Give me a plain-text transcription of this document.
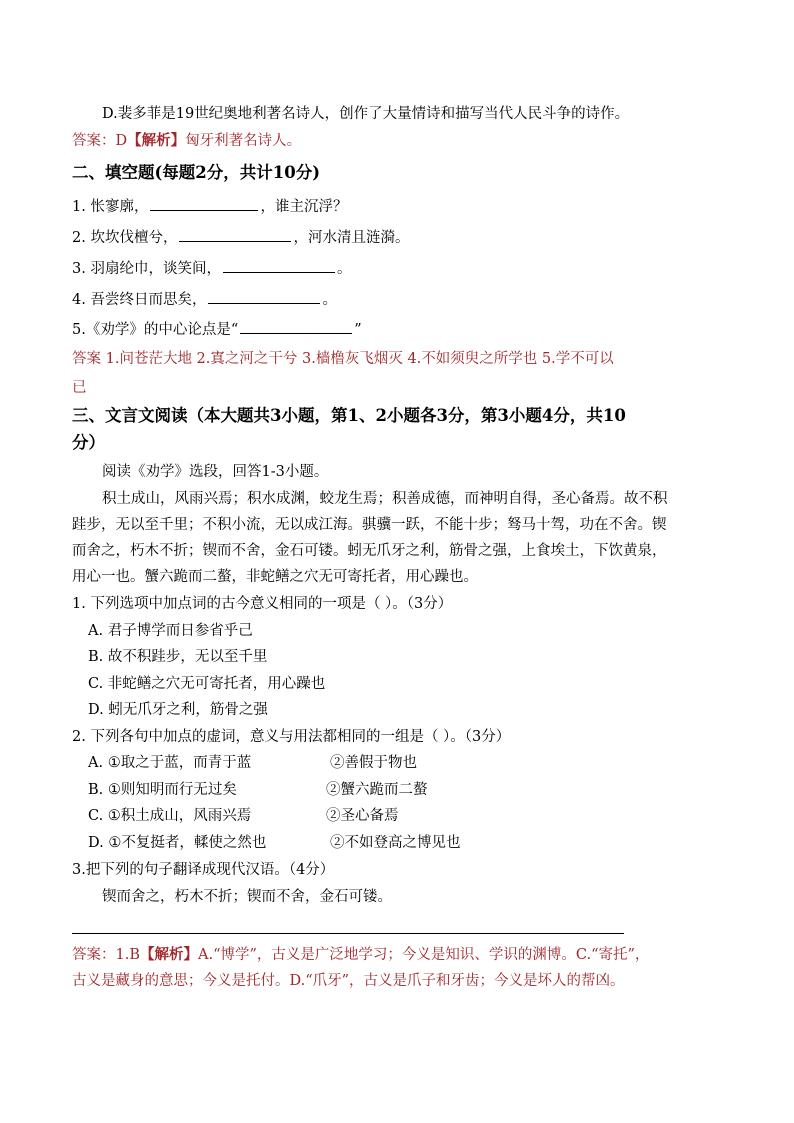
D.裴多菲是19世纪奥地利著名诗人，创作了大量情诗和描写当代人民斗争的诗作。
答案：D【解析】匈牙利著名诗人。
二、填空题(每题2分，共计10分)
1. 怅寥廓，	，谁主沉浮？
2. 坎坎伐檀兮，	，河水清且涟漪。
3. 羽扇纶巾，谈笑间，	。
4. 吾尝终日而思矣，	。
5.《劝学》的中心论点是“	”
答案 1.问苍茫大地 2.寘之河之干兮 3.樯橹灰飞烟灭 4.不如须臾之所学也 5.学不可以
已
三、文言文阅读（本大题共3小题，第1、2小题各3分，第3小题4分，共10
分）
阅读《劝学》选段，回答1-3小题。
积土成山，风雨兴焉；积水成渊，蛟龙生焉；积善成德，而神明自得，圣心备焉。故不积
跬步，无以至千里；不积小流，无以成江海。骐骥一跃，不能十步；驽马十驾，功在不舍。锲
而舍之，朽木不折；锲而不舍，金石可镂。蚓无爪牙之利，筋骨之强，上食埃土，下饮黄泉，
用心一也。蟹六跪而二螯，非蛇鳝之穴无可寄托者，用心躁也。
1. 下列选项中加点词的古今意义相同的一项是（ ）。（3分）
A. 君子博学而日参省乎己
B. 故不积跬步，无以至千里
C. 非蛇鳝之穴无可寄托者，用心躁也
D. 蚓无爪牙之利，筋骨之强
2. 下列各句中加点的虚词，意义与用法都相同的一组是（ ）。（3分）
A. ①取之于蓝，而青于蓝	②善假于物也
B. ①则知明而行无过矣	②蟹六跪而二螯
C. ①积土成山，风雨兴焉	②圣心备焉
D. ①不复挺者，輮使之然也	②不如登高之博见也
3.把下列的句子翻译成现代汉语。（4分）
锲而舍之，朽木不折；锲而不舍，金石可镂。
答案：1.B【解析】A.“博学”，古义是广泛地学习；今义是知识、学识的渊博。C.“寄托”，
古义是藏身的意思；今义是托付。D.“爪牙”，古义是爪子和牙齿；今义是坏人的帮凶。
